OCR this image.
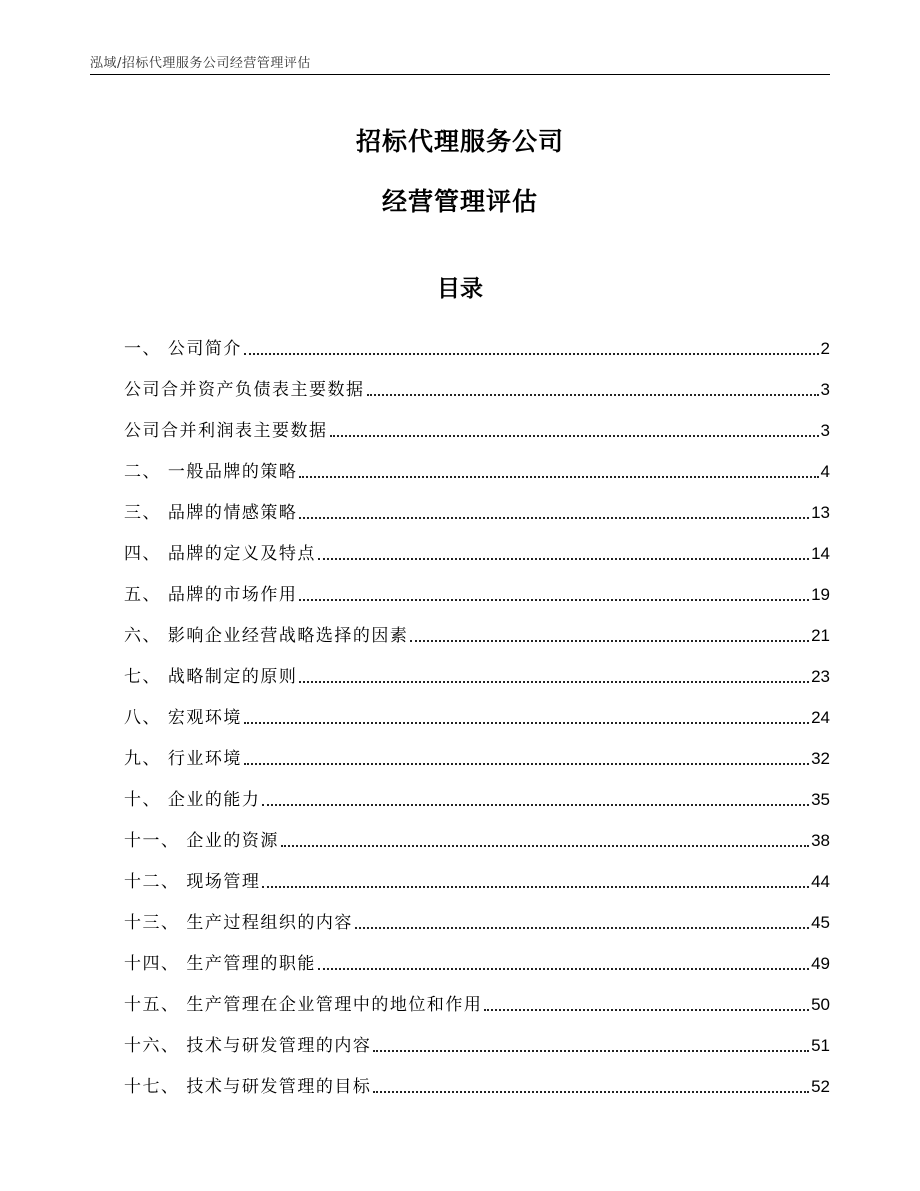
泓域/招标代理服务公司经营管理评估
招标代理服务公司
经营管理评估
目录
一、 公司简介	2
公司合并资产负债表主要数据	3
公司合并利润表主要数据	3
二、 一般品牌的策略	4
三、 品牌的情感策略	13
四、 品牌的定义及特点	14
五、 品牌的市场作用	19
六、 影响企业经营战略选择的因素	21
七、 战略制定的原则	23
八、 宏观环境	24
九、 行业环境	32
十、 企业的能力	35
十一、 企业的资源	38
十二、 现场管理	44
十三、 生产过程组织的内容	45
十四、 生产管理的职能	49
十五、 生产管理在企业管理中的地位和作用	50
十六、 技术与研发管理的内容	51
十七、 技术与研发管理的目标	52
